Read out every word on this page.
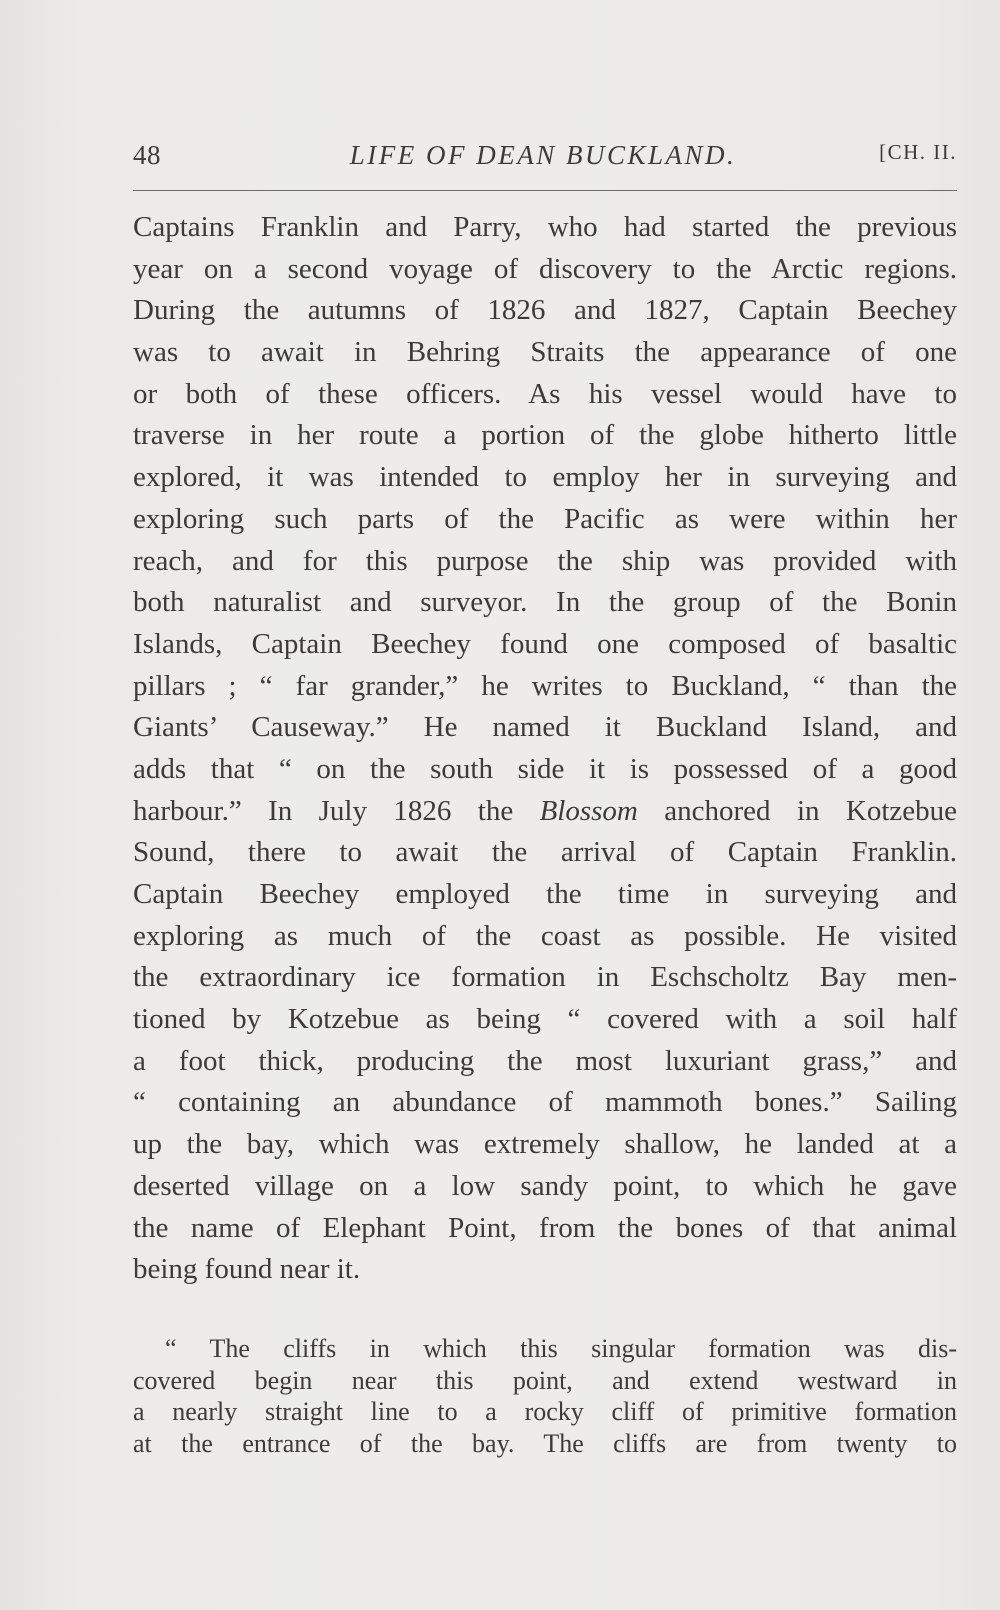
48	LIFE OF DEAN BUCKLAND.	[CH. II.
Captains Franklin and Parry, who had started the previous
year on a second voyage of discovery to the Arctic regions.
During the autumns of 1826 and 1827, Captain Beechey
was to await in Behring Straits the appearance of one
or both of these officers. As his vessel would have to
traverse in her route a portion of the globe hitherto little
explored, it was intended to employ her in surveying and
exploring such parts of the Pacific as were within her
reach, and for this purpose the ship was provided with
both naturalist and surveyor. In the group of the Bonin
Islands, Captain Beechey found one composed of basaltic
pillars ; “ far grander,” he writes to Buckland, “ than the
Giants’ Causeway.” He named it Buckland Island, and
adds that “ on the south side it is possessed of a good
harbour.” In July 1826 the Blossom anchored in Kotzebue
Sound, there to await the arrival of Captain Franklin.
Captain Beechey employed the time in surveying and
exploring as much of the coast as possible. He visited
the extraordinary ice formation in Eschscholtz Bay men-
tioned by Kotzebue as being “ covered with a soil half
a foot thick, producing the most luxuriant grass,” and
“ containing an abundance of mammoth bones.” Sailing
up the bay, which was extremely shallow, he landed at a
deserted village on a low sandy point, to which he gave
the name of Elephant Point, from the bones of that animal
being found near it.
“ The cliffs in which this singular formation was dis-
covered begin near this point, and extend westward in
a nearly straight line to a rocky cliff of primitive formation
at the entrance of the bay. The cliffs are from twenty to
